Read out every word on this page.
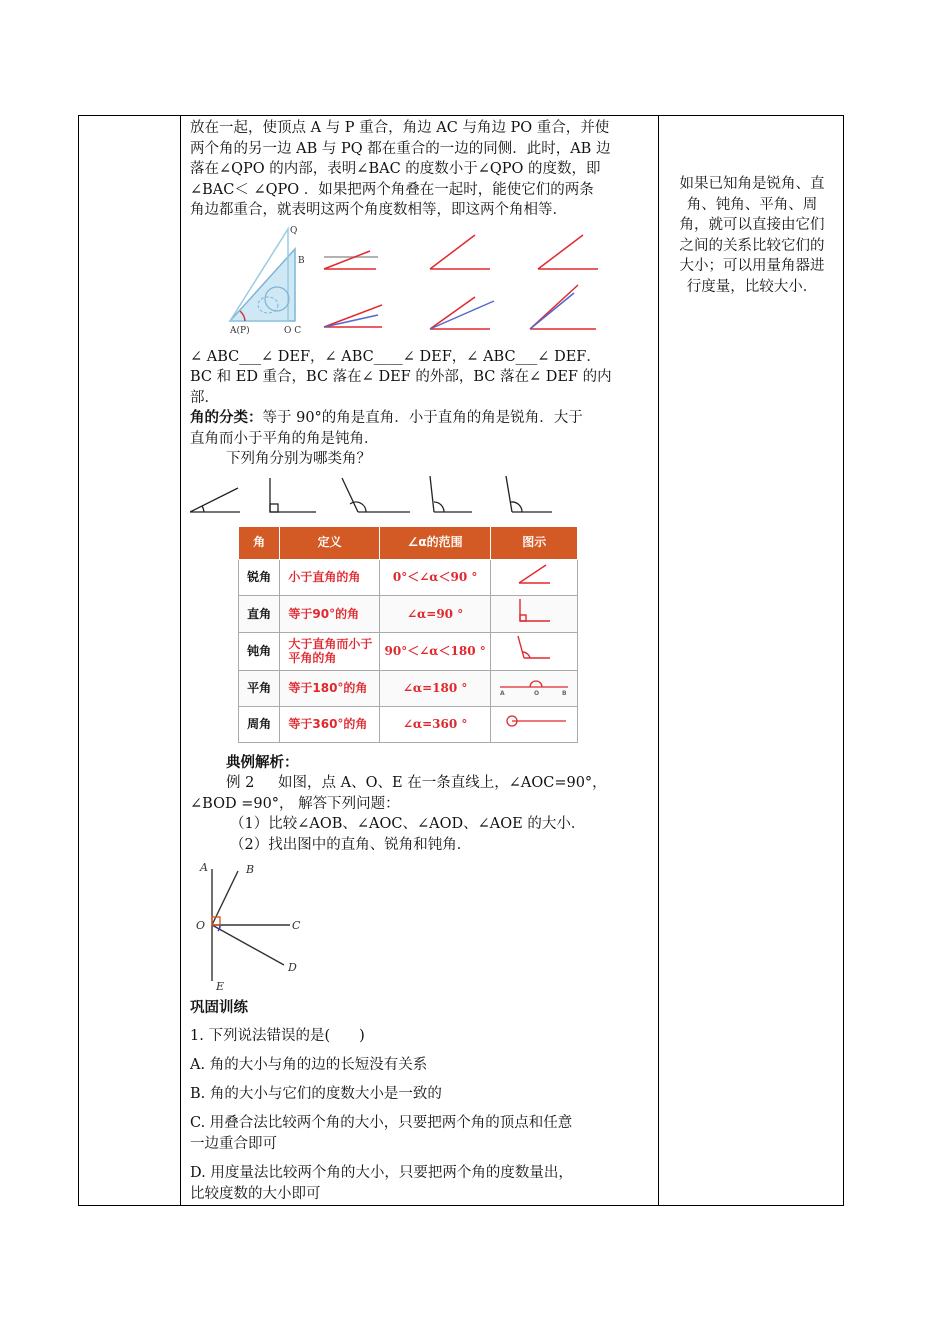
放在一起，使顶点 A 与 P 重合，角边 AC 与角边 PO 重合，并使

两个角的另一边 AB 与 PQ 都在重合的一边的同侧．此时，AB 边

落在∠QPO 的内部，表明∠BAC 的度数小于∠QPO 的度数，即

∠BAC＜ ∠QPO ．如果把两个角叠在一起时，能使它们的两条

角边都重合，就表明这两个角度数相等，即这两个角相等．

O C
A(P)
Q
B

∠ ABC___∠ DEF，∠ ABC____∠ DEF，∠ ABC___∠ DEF．

BC 和 ED 重合，BC 落在∠ DEF 的外部，BC 落在∠ DEF 的内

部．

角的分类：等于 90°的角是直角．小于直角的角是锐角．大于

直角而小于平角的角是钝角．

下列角分别为哪类角？

角	定义	∠α的范围	图示
锐角	小于直角的角	0°＜∠α＜90 °	
直角	等于90°的角	∠α=90 °	
钝角	大于直角而小于平角的角	90°＜∠α＜180 °	
平角	等于180°的角	∠α=180 °	A O B

周角	等于360°的角	∠α=360 °	

典例解析：

例 2 　 如图，点 A、O、E 在一条直线上，∠AOC=90°，

∠BOD =90°， 解答下列问题：

（1）比较∠AOB、∠AOC、∠AOD、∠AOE 的大小．

（2）找出图中的直角、锐角和钝角．

A	B
O	C
D
E

巩固训练

1. 下列说法错误的是(　　)

A. 角的大小与角的边的长短没有关系

B. 角的大小与它们的度数大小是一致的

C. 用叠合法比较两个角的大小，只要把两个角的顶点和任意

一边重合即可

D. 用度量法比较两个角的大小，只要把两个角的度数量出，

比较度数的大小即可

如果已知角是锐角、直

角、钝角、平角、周

角，就可以直接由它们

之间的关系比较它们的

大小；可以用量角器进

行度量，比较大小．
